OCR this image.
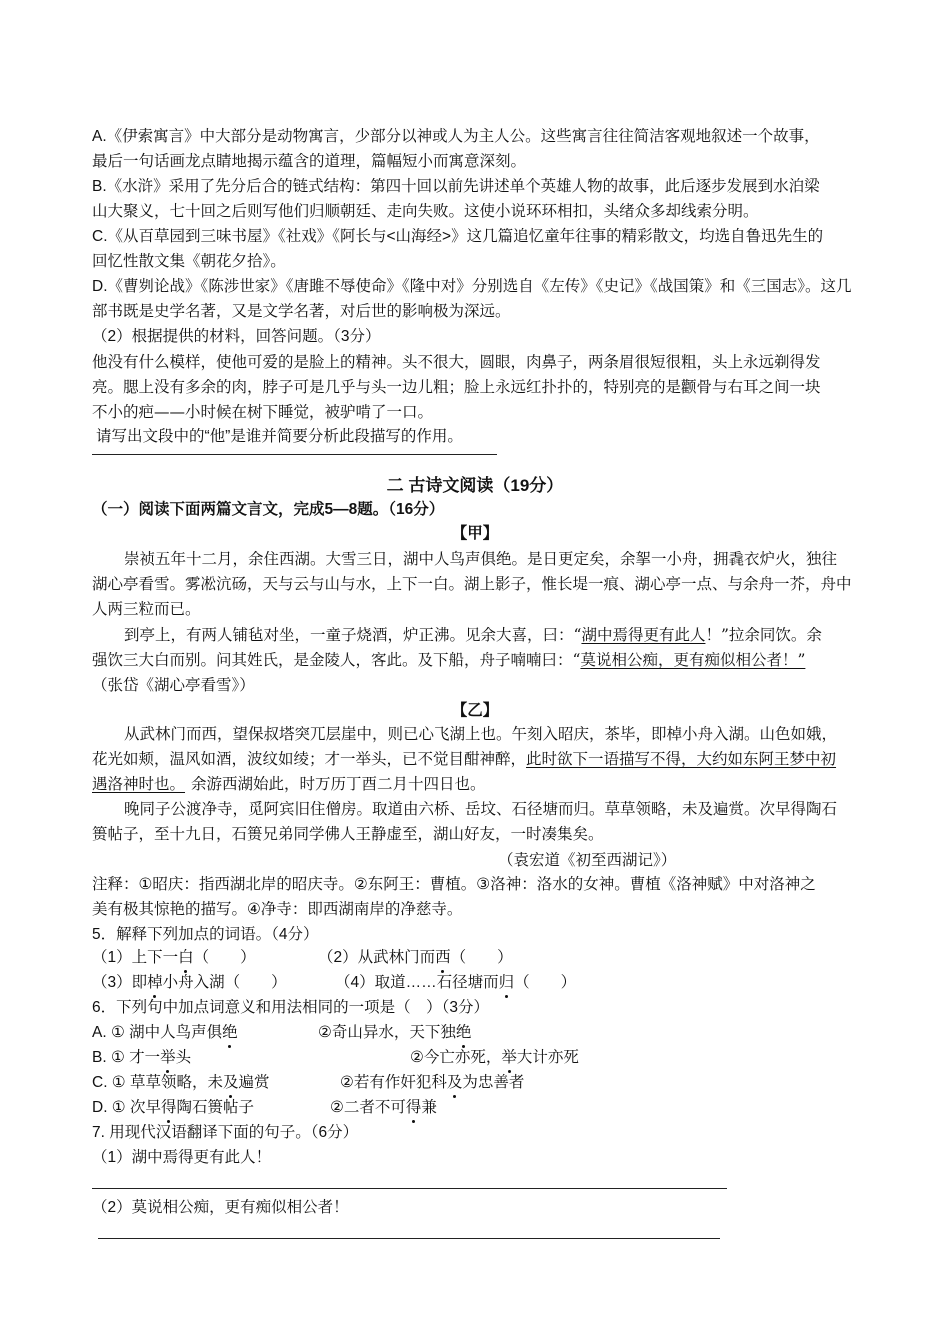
A.《伊索寓言》中大部分是动物寓言，少部分以神或人为主人公。这些寓言往往简洁客观地叙述一个故事，
最后一句话画龙点睛地揭示蕴含的道理，篇幅短小而寓意深刻。
B.《水浒》采用了先分后合的链式结构：第四十回以前先讲述单个英雄人物的故事，此后逐步发展到水泊梁
山大聚义，七十回之后则写他们归顺朝廷、走向失败。这使小说环环相扣，头绪众多却线索分明。
C.《从百草园到三味书屋》《社戏》《阿长与<山海经>》这几篇追忆童年往事的精彩散文，均选自鲁迅先生的
回忆性散文集《朝花夕拾》。
D.《曹刿论战》《陈涉世家》《唐雎不辱使命》《隆中对》分别选自《左传》《史记》《战国策》和《三国志》。这几
部书既是史学名著，又是文学名著，对后世的影响极为深远。
（2）根据提供的材料，回答问题。（3分）
他没有什么模样，使他可爱的是脸上的精神。头不很大，圆眼，肉鼻子，两条眉很短很粗，头上永远剃得发
亮。腮上没有多余的肉，脖子可是几乎与头一边儿粗；脸上永远红扑扑的，特别亮的是颧骨与右耳之间一块
不小的疤——小时候在树下睡觉，被驴啃了一口。
请写出文段中的“他”是谁并简要分析此段描写的作用。
二 古诗文阅读（19分）
（一）阅读下面两篇文言文，完成5—8题。（16分）
【甲】
崇祯五年十二月，余住西湖。大雪三日，湖中人鸟声俱绝。是日更定矣，余挐一小舟，拥毳衣炉火，独往
湖心亭看雪。雾凇沆砀，天与云与山与水，上下一白。湖上影子，惟长堤一痕、湖心亭一点、与余舟一芥，舟中
人两三粒而已。
到亭上，有两人铺毡对坐，一童子烧酒，炉正沸。见余大喜，曰：“湖中焉得更有此人！”拉余同饮。余
强饮三大白而别。问其姓氏，是金陵人，客此。及下船，舟子喃喃曰：“莫说相公痴，更有痴似相公者！”
（张岱《湖心亭看雪》）
【乙】
从武林门而西，望保叔塔突兀层崖中，则已心飞湖上也。午刻入昭庆，茶毕，即棹小舟入湖。山色如娥，
花光如颊，温风如酒，波纹如绫；才一举头，已不觉目酣神醉，此时欲下一语描写不得，大约如东阿王梦中初
遇洛神时也。 余游西湖始此，时万历丁酉二月十四日也。
晚同子公渡净寺，觅阿宾旧住僧房。取道由六桥、岳坟、石径塘而归。草草领略，未及遍赏。次早得陶石
篑帖子，至十九日，石篑兄弟同学佛人王静虚至，湖山好友，一时凑集矣。
（袁宏道《初至西湖记》）
注释：①昭庆：指西湖北岸的昭庆寺。②东阿王：曹植。③洛神：洛水的女神。曹植《洛神赋》中对洛神之
美有极其惊艳的描写。④净寺：即西湖南岸的净慈寺。
5．解释下列加点的词语。（4分）
（1）上下一白（　　）	（2）从武林门而西（　　）
（3）即棹小舟入湖（　　）	（4）取道……石径塘而归（　　）
6．下列句中加点词意义和用法相同的一项是（　）（3分）
A. ① 湖中人鸟声俱绝	②奇山异水，天下独绝
B. ① 才一举头	②今亡亦死，举大计亦死
C. ① 草草领略，未及遍赏	②若有作奸犯科及为忠善者
D. ① 次早得陶石篑帖子	②二者不可得兼
7. 用现代汉语翻译下面的句子。（6分）
（1）湖中焉得更有此人！
（2）莫说相公痴，更有痴似相公者！
